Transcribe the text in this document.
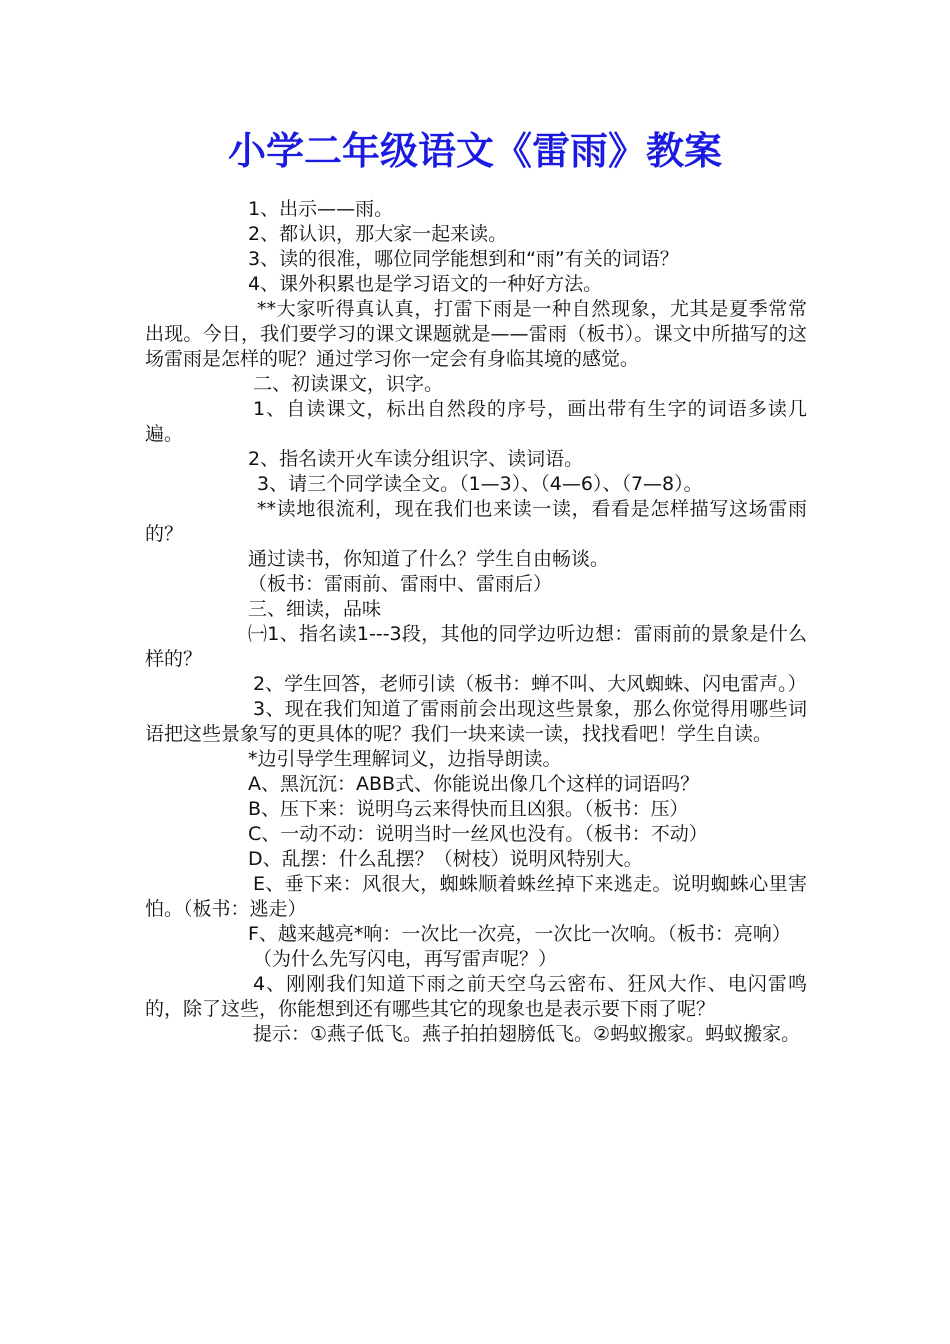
小学二年级语文《雷雨》教案

1、出示——雨。

2、都认识，那大家一起来读。

3、读的很准，哪位同学能想到和“雨”有关的词语？

4、课外积累也是学习语文的一种好方法。

**大家听得真认真，打雷下雨是一种自然现象，尤其是夏季常常出现。今日，我们要学习的课文课题就是——雷雨（板书）。课文中所描写的这场雷雨是怎样的呢？通过学习你一定会有身临其境的感觉。

二、初读课文，识字。

1、自读课文，标出自然段的序号，画出带有生字的词语多读几遍。

2、指名读开火车读分组识字、读词语。

3、请三个同学读全文。（1—3）、（4—6）、（7—8）。

**读地很流利，现在我们也来读一读，看看是怎样描写这场雷雨的？

通过读书，你知道了什么？学生自由畅谈。

（板书：雷雨前、雷雨中、雷雨后）

三、细读，品味

㈠1、指名读1---3段，其他的同学边听边想：雷雨前的景象是什么样的？

2、学生回答，老师引读（板书：蝉不叫、大风蜘蛛、闪电雷声。）

3、现在我们知道了雷雨前会出现这些景象，那么你觉得用哪些词语把这些景象写的更具体的呢？我们一块来读一读，找找看吧！学生自读。

*边引导学生理解词义，边指导朗读。

A、黑沉沉：ABB式、你能说出像几个这样的词语吗？

B、压下来：说明乌云来得快而且凶狠。（板书：压）

C、一动不动：说明当时一丝风也没有。（板书：不动）

D、乱摆：什么乱摆？（树枝）说明风特别大。

E、垂下来：风很大，蜘蛛顺着蛛丝掉下来逃走。说明蜘蛛心里害怕。（板书：逃走）

F、越来越亮*响：一次比一次亮，一次比一次响。（板书：亮响）

（为什么先写闪电，再写雷声呢？）

4、刚刚我们知道下雨之前天空乌云密布、狂风大作、电闪雷鸣的，除了这些，你能想到还有哪些其它的现象也是表示要下雨了呢？

提示：①燕子低飞。燕子拍拍翅膀低飞。②蚂蚁搬家。蚂蚁搬家。
